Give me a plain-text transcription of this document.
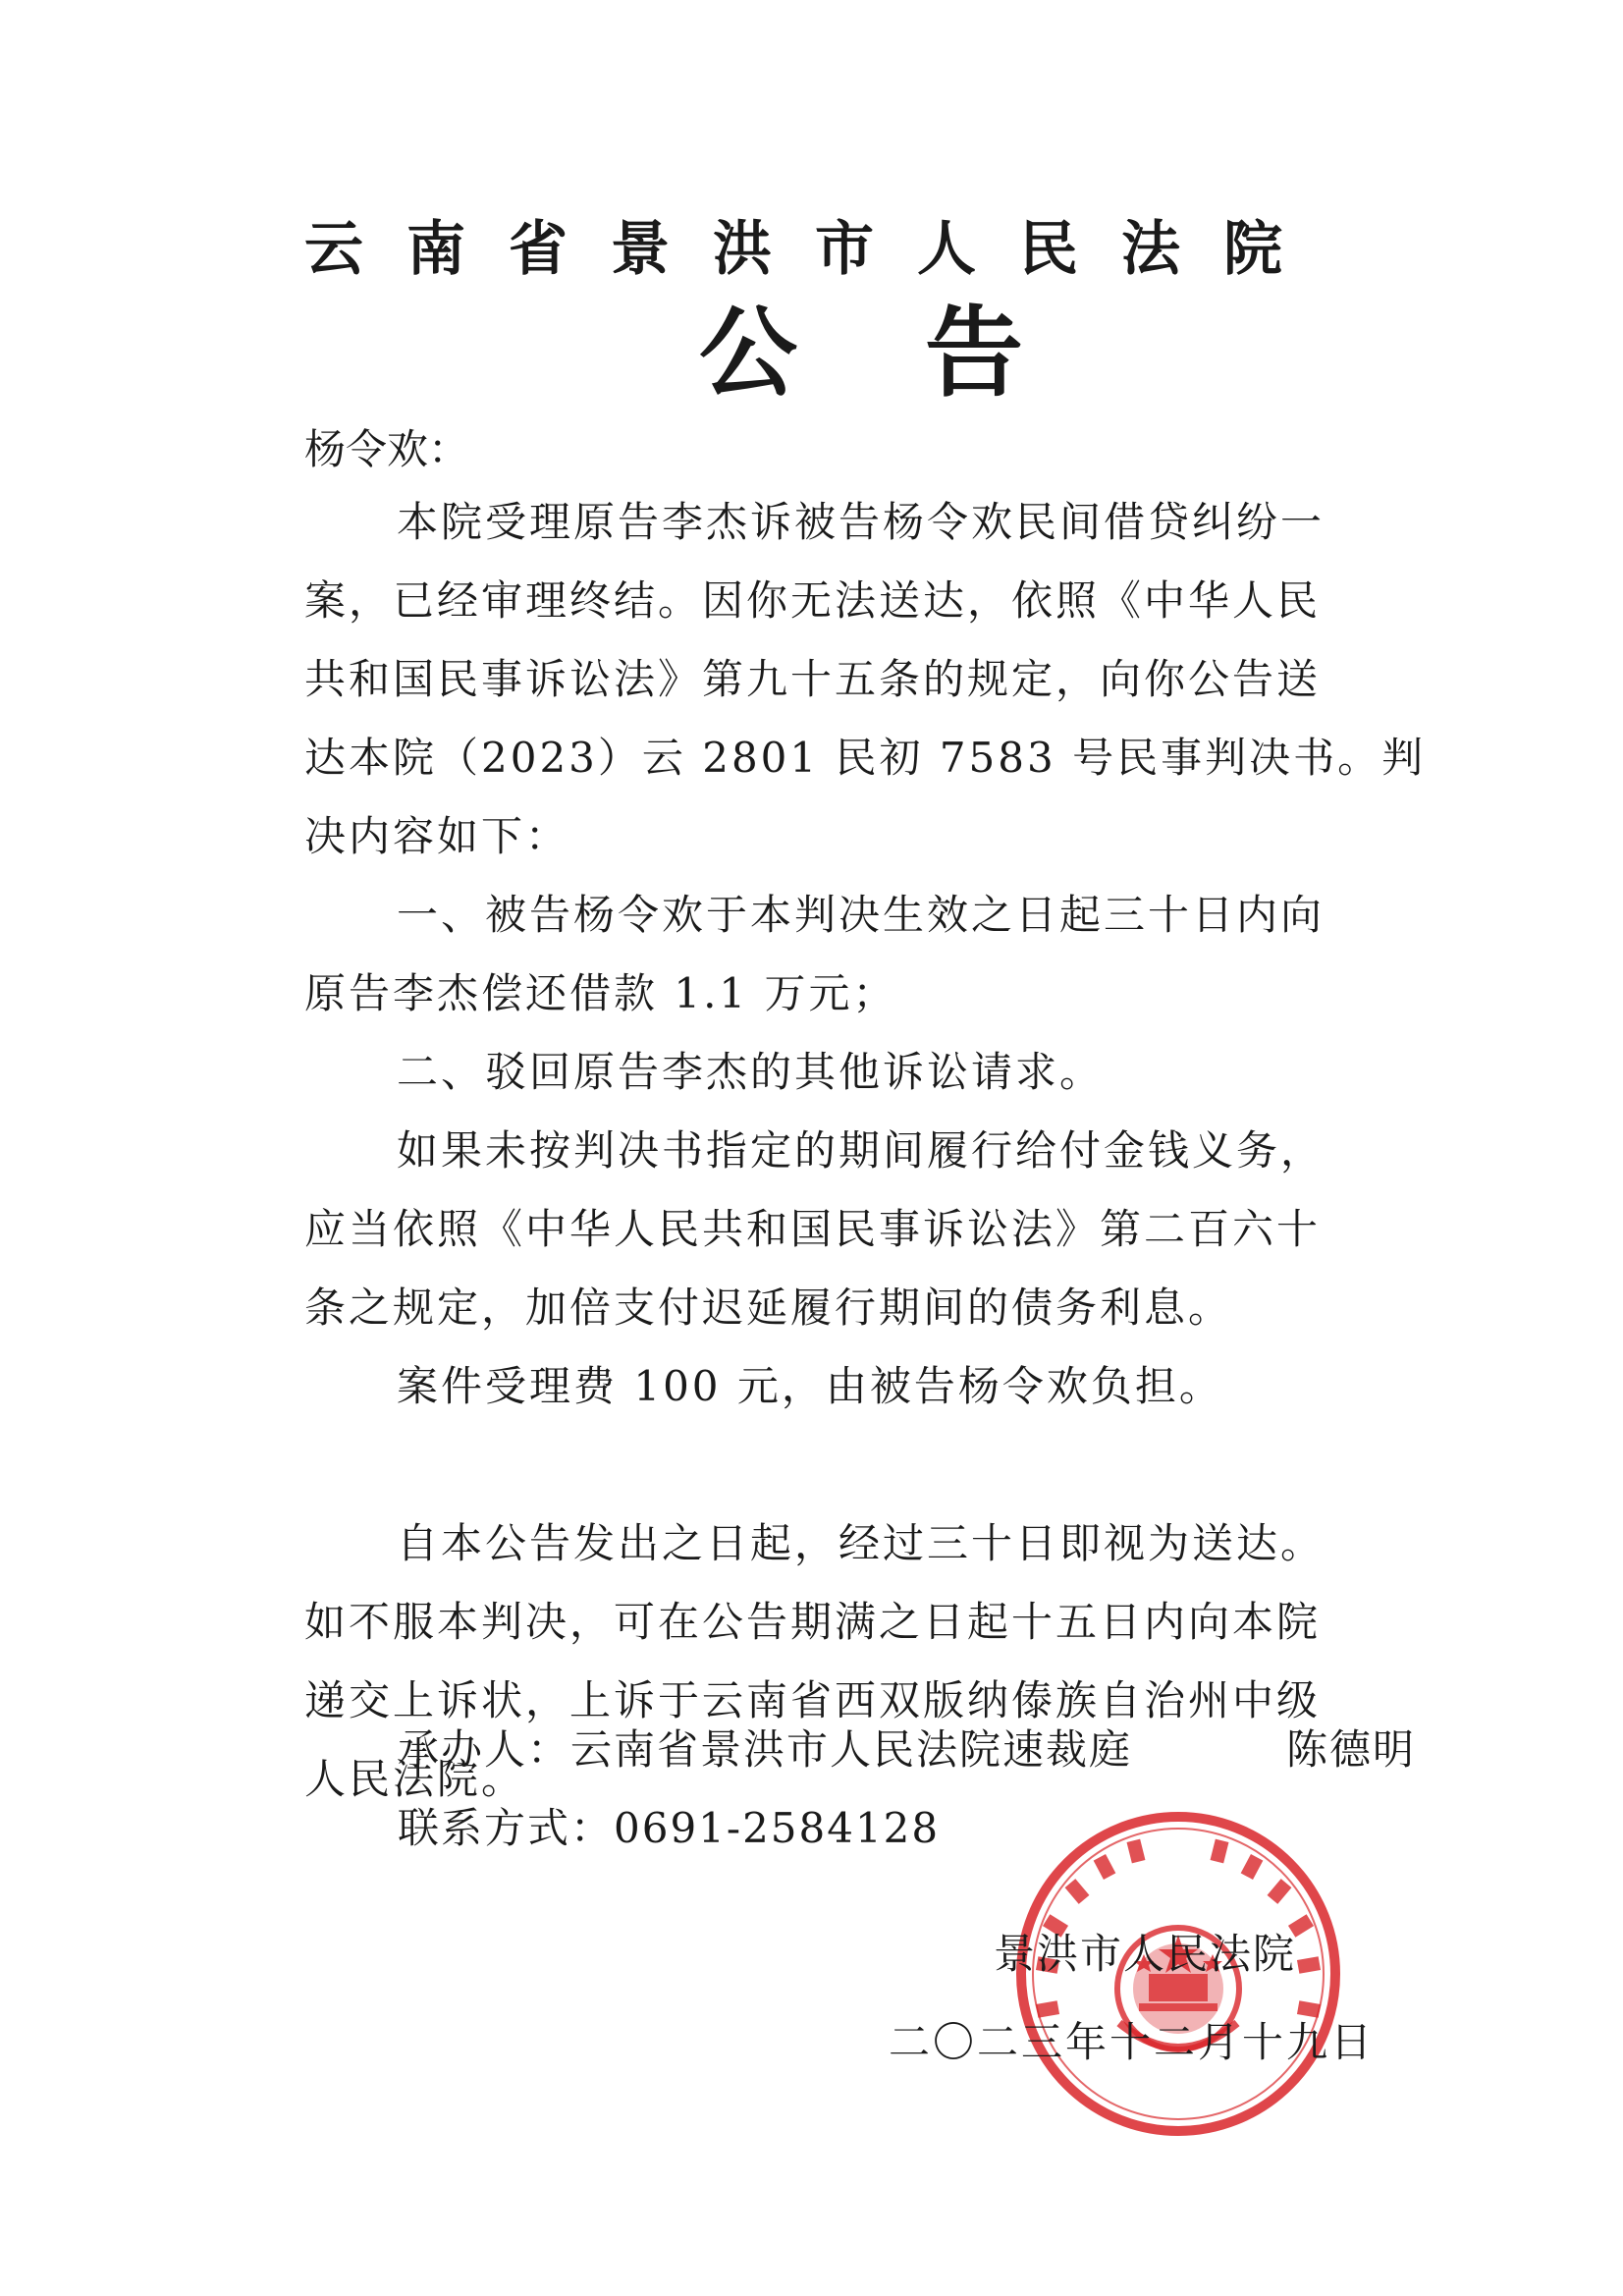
云南省景洪市人民法院
公告
杨令欢：
本院受理原告李杰诉被告杨令欢民间借贷纠纷一
案，已经审理终结。因你无法送达，依照《中华人民
共和国民事诉讼法》第九十五条的规定，向你公告送
达本院（2023）云 2801 民初 7583 号民事判决书。判
决内容如下：
一、被告杨令欢于本判决生效之日起三十日内向
原告李杰偿还借款 1.1 万元；
二、驳回原告李杰的其他诉讼请求。
如果未按判决书指定的期间履行给付金钱义务，
应当依照《中华人民共和国民事诉讼法》第二百六十
条之规定，加倍支付迟延履行期间的债务利息。
案件受理费 100 元，由被告杨令欢负担。

自本公告发出之日起，经过三十日即视为送达。
如不服本判决，可在公告期满之日起十五日内向本院
递交上诉状，上诉于云南省西双版纳傣族自治州中级
人民法院。
承办人：云南省景洪市人民法院速裁庭	陈德明
联系方式：0691-2584128
景洪市人民法院
二〇二三年十二月十九日
